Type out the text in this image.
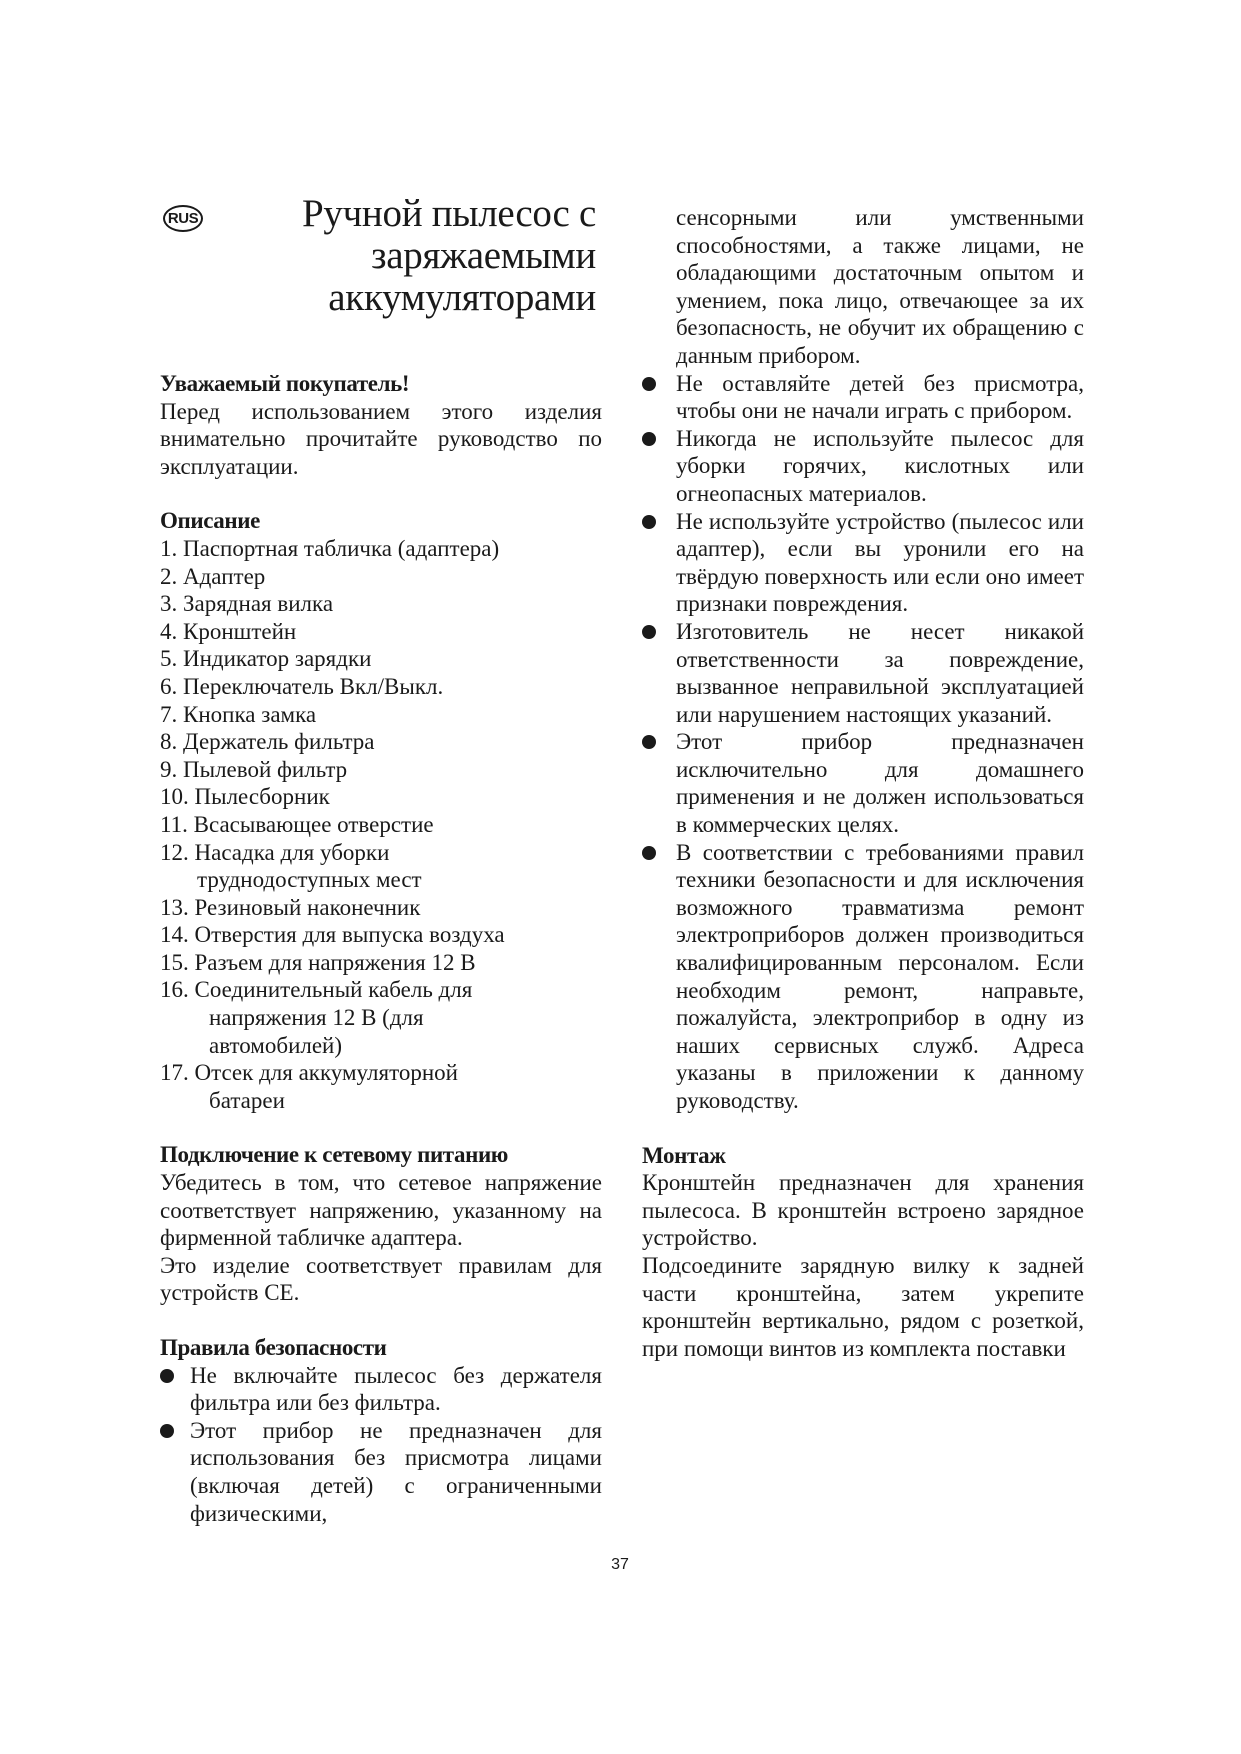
RUS	Ручной пылесос с
заряжаемыми
аккумуляторами
Уважаемый покупатель!

Перед использованием этого изделия внимательно прочитайте руководство по эксплуатации.

Описание
1. Паспортная табличка (адаптера)
2. Адаптер
3. Зарядная вилка
4. Кронштейн
5. Индикатор зарядки
6. Переключатель Вкл/Выкл.
7. Кнопка замка
8. Держатель фильтра
9. Пылевой фильтр
10. Пылесборник
11. Всасывающее отверстие
12. Насадка для уборки
труднодоступных мест
13. Резиновый наконечник
14. Отверстия для выпуска воздуха
15. Разъем для напряжения 12 В
16. Соединительный кабель для
напряжения 12 В (для автомобилей)
17. Отсек для аккумуляторной
батареи
Подключение к сетевому питанию

Убедитесь в том, что сетевое напряжение соответствует напряжению, указанному на фирменной табличке адаптера.

Это изделие соответствует правилам для устройств CE.

Правила безопасности
Не включайте пылесос без держателя фильтра или без фильтра.
Этот прибор не предназначен для использования без присмотра лицами (включая детей) с ограниченными физическими,

сенсорными или умственными способностями, а также лицами, не обладающими достаточным опытом и умением, пока лицо, отвечающее за их безопасность, не обучит их обращению с данным прибором.

Не оставляйте детей без присмотра, чтобы они не начали играть с прибором.
Никогда не используйте пылесос для уборки горячих, кислотных или огнеопасных материалов.
Не используйте устройство (пылесос или адаптер), если вы уронили его на твёрдую поверхность или если оно имеет признаки повреждения.
Изготовитель не несет никакой ответственности за повреждение, вызванное неправильной эксплуатацией или нарушением настоящих указаний.
Этот прибор предназначен исключительно для домашнего применения и не должен использоваться в коммерческих целях.
В соответствии с требованиями правил техники безопасности и для исключения возможного травматизма ремонт электроприборов должен производиться квалифицированным персоналом. Если необходим ремонт, направьте, пожалуйста, электроприбор в одну из наших сервисных служб. Адреса указаны в приложении к данному руководству.
Монтаж

Кронштейн предназначен для хранения пылесоса. В кронштейн встроено зарядное устройство.

Подсоедините зарядную вилку к задней части кронштейна, затем укрепите кронштейн вертикально, рядом с розеткой, при помощи винтов из комплекта поставки

37
